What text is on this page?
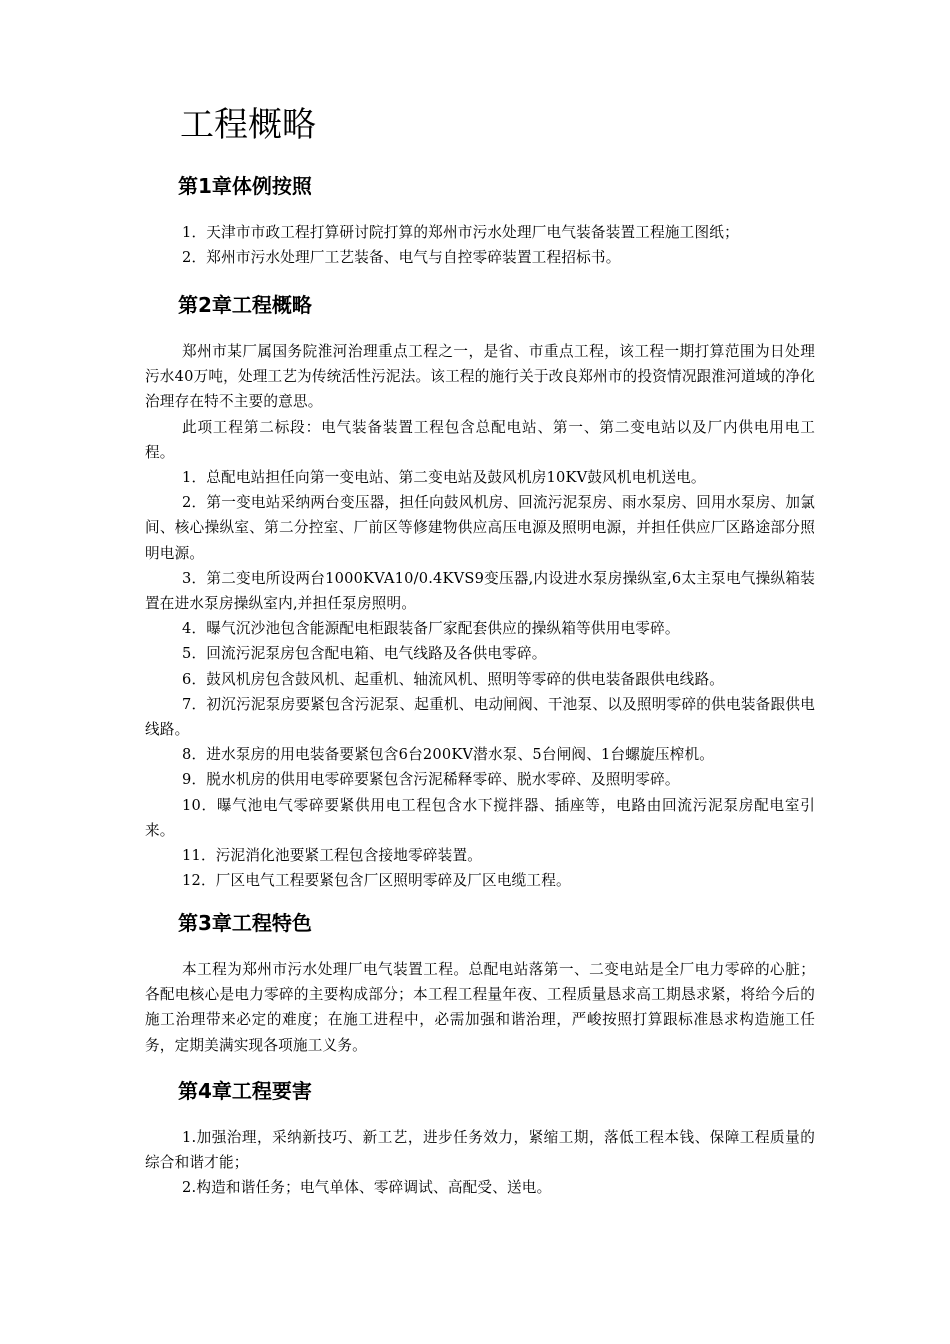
工程概略
第1章体例按照

1．天津市市政工程打算研讨院打算的郑州市污水处理厂电气装备装置工程施工图纸；

2．郑州市污水处理厂工艺装备、电气与自控零碎装置工程招标书。

第2章工程概略

郑州市某厂属国务院淮河治理重点工程之一，是省、市重点工程，该工程一期打算范围为日处理污水40万吨，处理工艺为传统活性污泥法。该工程的施行关于改良郑州市的投资情况跟淮河道域的净化治理存在特不主要的意思。

此项工程第二标段：电气装备装置工程包含总配电站、第一、第二变电站以及厂内供电用电工程。

1．总配电站担任向第一变电站、第二变电站及鼓风机房10KV鼓风机电机送电。

2．第一变电站采纳两台变压器，担任向鼓风机房、回流污泥泵房、雨水泵房、回用水泵房、加氯间、核心操纵室、第二分控室、厂前区等修建物供应高压电源及照明电源，并担任供应厂区路途部分照明电源。

3．第二变电所设两台1000KVA10/0.4KVS9变压器,内设进水泵房操纵室,6太主泵电气操纵箱装置在进水泵房操纵室内,并担任泵房照明。

4．曝气沉沙池包含能源配电柜跟装备厂家配套供应的操纵箱等供用电零碎。

5．回流污泥泵房包含配电箱、电气线路及各供电零碎。

6．鼓风机房包含鼓风机、起重机、轴流风机、照明等零碎的供电装备跟供电线路。

7．初沉污泥泵房要紧包含污泥泵、起重机、电动闸阀、干池泵、以及照明零碎的供电装备跟供电线路。

8．进水泵房的用电装备要紧包含6台200KV潜水泵、5台闸阀、1台螺旋压榨机。

9．脱水机房的供用电零碎要紧包含污泥稀释零碎、脱水零碎、及照明零碎。

10．曝气池电气零碎要紧供用电工程包含水下搅拌器、插座等，电路由回流污泥泵房配电室引来。

11．污泥消化池要紧工程包含接地零碎装置。

12．厂区电气工程要紧包含厂区照明零碎及厂区电缆工程。

第3章工程特色

本工程为郑州市污水处理厂电气装置工程。总配电站落第一、二变电站是全厂电力零碎的心脏；各配电核心是电力零碎的主要构成部分；本工程工程量年夜、工程质量恳求高工期恳求紧，将给今后的施工治理带来必定的难度；在施工进程中，必需加强和谐治理，严峻按照打算跟标准恳求构造施工任务，定期美满实现各项施工义务。

第4章工程要害

1.加强治理，采纳新技巧、新工艺，进步任务效力，紧缩工期，落低工程本钱、保障工程质量的综合和谐才能；

2.构造和谐任务；电气单体、零碎调试、高配受、送电。
